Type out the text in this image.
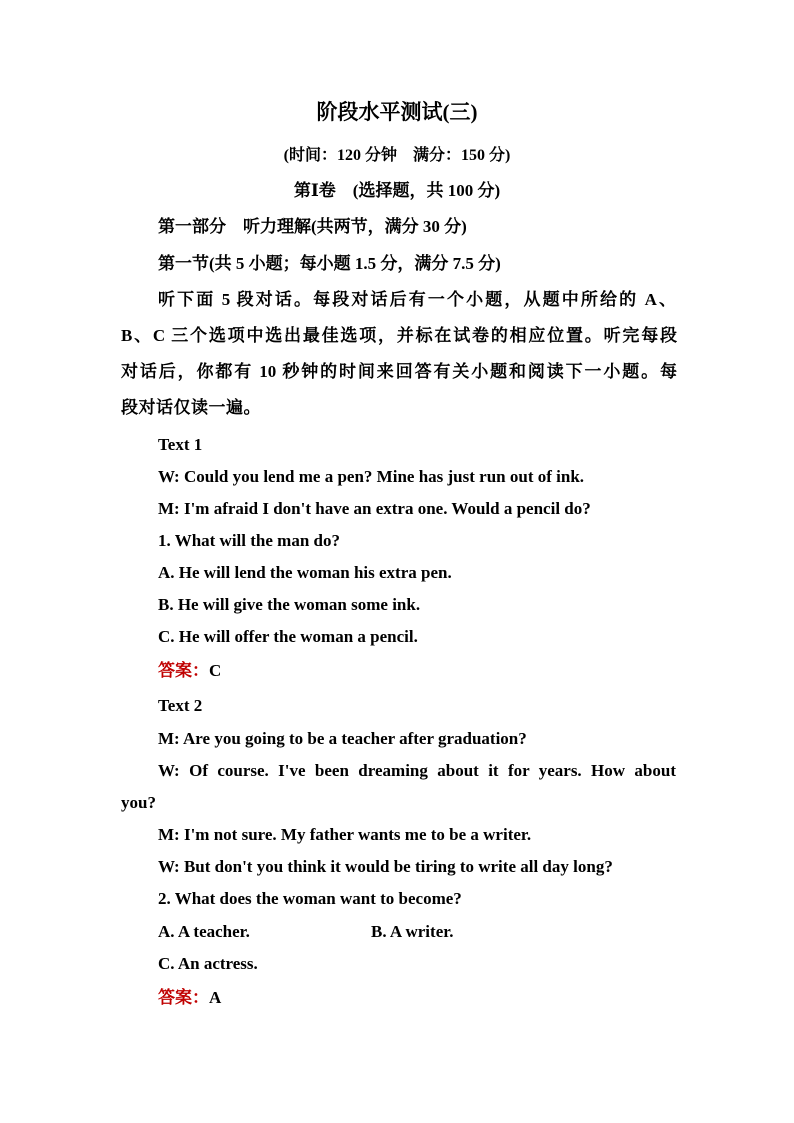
阶段水平测试(三)
(时间：120 分钟　满分：150 分)
第Ⅰ卷　(选择题，共 100 分)
第一部分　听力理解(共两节，满分 30 分)
第一节(共 5 小题；每小题 1.5 分，满分 7.5 分)
听下面 5 段对话。每段对话后有一个小题，从题中所给的 A、
B、C 三个选项中选出最佳选项，并标在试卷的相应位置。听完每段
对话后，你都有 10 秒钟的时间来回答有关小题和阅读下一小题。每
段对话仅读一遍。
Text 1
W: Could you lend me a pen? Mine has just run out of ink.
M: I'm afraid I don't have an extra one. Would a pencil do?
1. What will the man do?
A. He will lend the woman his extra pen.
B. He will give the woman some ink.
C. He will offer the woman a pencil.
答案：C
Text 2
M: Are you going to be a teacher after graduation?
W: Of course. I've been dreaming about it for years. How about
you?
M: I'm not sure. My father wants me to be a writer.
W: But don't you think it would be tiring to write all day long?
2. What does the woman want to become?
A. A teacher.	B. A writer.
C. An actress.
答案：A
